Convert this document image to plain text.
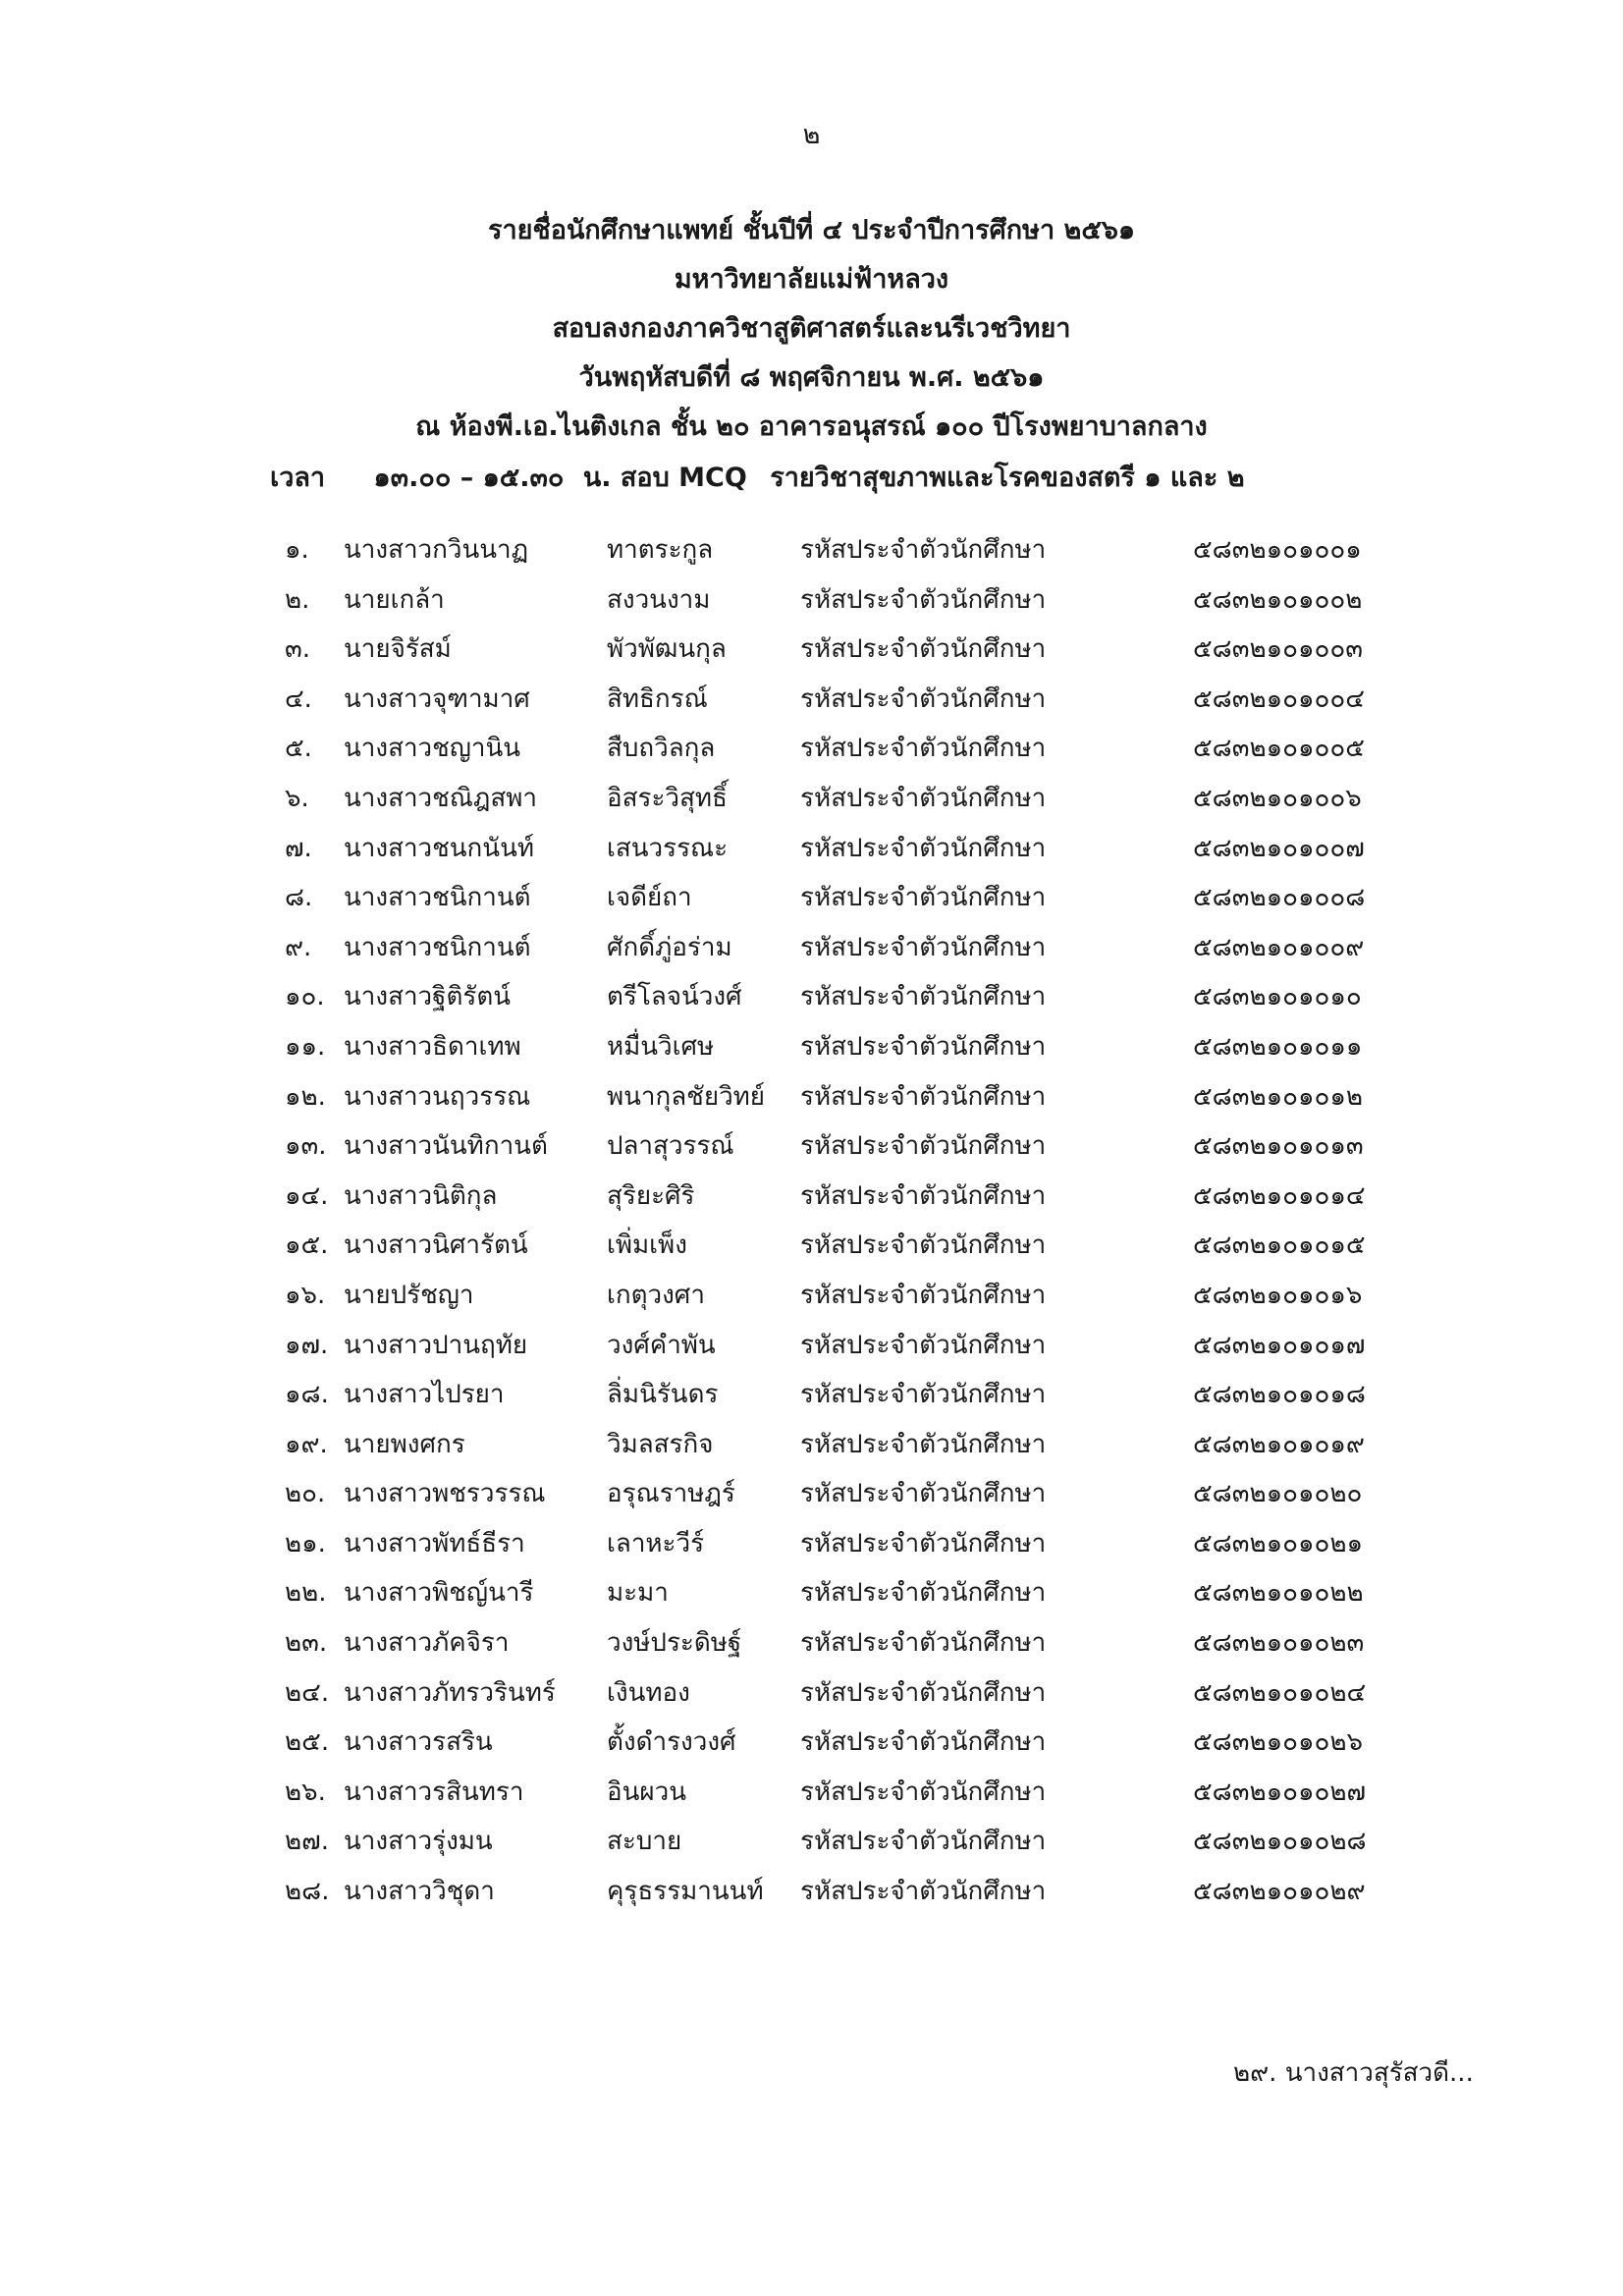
๒
รายชื่อนักศึกษาแพทย์ ชั้นปีที่ ๔ ประจำปีการศึกษา ๒๕๖๑
มหาวิทยาลัยแม่ฟ้าหลวง
สอบลงกองภาควิชาสูติศาสตร์และนรีเวชวิทยา
วันพฤหัสบดีที่ ๘ พฤศจิกายน พ.ศ. ๒๕๖๑
ณ ห้องพี.เอ.ไนติงเกล ชั้น ๒๐ อาคารอนุสรณ์ ๑๐๐ ปีโรงพยาบาลกลาง
เวลา ๑๓.๐๐ – ๑๕.๓๐ น. สอบ MCQ รายวิชาสุขภาพและโรคของสตรี ๑ และ ๒
๑. นางสาวกวินนาฏ	ทาตระกูล	รหัสประจำตัวนักศึกษา	๕๘๓๒๑๐๑๐๐๑
๒. นายเกล้า	สงวนงาม	รหัสประจำตัวนักศึกษา	๕๘๓๒๑๐๑๐๐๒
๓. นายจิรัสม์	พัวพัฒนกุล	รหัสประจำตัวนักศึกษา	๕๘๓๒๑๐๑๐๐๓
๔. นางสาวจุฑามาศ	สิทธิกรณ์	รหัสประจำตัวนักศึกษา	๕๘๓๒๑๐๑๐๐๔
๕. นางสาวชญานิน	สืบถวิลกุล	รหัสประจำตัวนักศึกษา	๕๘๓๒๑๐๑๐๐๕
๖. นางสาวชณิฎสพา	อิสระวิสุทธิ์	รหัสประจำตัวนักศึกษา	๕๘๓๒๑๐๑๐๐๖
๗. นางสาวชนกนันท์	เสนวรรณะ	รหัสประจำตัวนักศึกษา	๕๘๓๒๑๐๑๐๐๗
๘. นางสาวชนิกานต์	เจดีย์ถา	รหัสประจำตัวนักศึกษา	๕๘๓๒๑๐๑๐๐๘
๙. นางสาวชนิกานต์	ศักดิ์ภู่อร่าม	รหัสประจำตัวนักศึกษา	๕๘๓๒๑๐๑๐๐๙
๑๐. นางสาวฐิติรัตน์	ตรีโลจน์วงศ์ รหัสประจำตัวนักศึกษา	๕๘๓๒๑๐๑๐๑๐
๑๑. นางสาวธิดาเทพ	หมื่นวิเศษ	รหัสประจำตัวนักศึกษา	๕๘๓๒๑๐๑๐๑๑
๑๒. นางสาวนฤวรรณ	พนากุลชัยวิทย์ รหัสประจำตัวนักศึกษา	๕๘๓๒๑๐๑๐๑๒
๑๓. นางสาวนันทิกานต์ ปลาสุวรรณ์	รหัสประจำตัวนักศึกษา	๕๘๓๒๑๐๑๐๑๓
๑๔. นางสาวนิติกุล	สุริยะศิริ	รหัสประจำตัวนักศึกษา	๕๘๓๒๑๐๑๐๑๔
๑๕. นางสาวนิศารัตน์	เพิ่มเพ็ง	รหัสประจำตัวนักศึกษา	๕๘๓๒๑๐๑๐๑๕
๑๖. นายปรัชญา	เกตุวงศา	รหัสประจำตัวนักศึกษา	๕๘๓๒๑๐๑๐๑๖
๑๗. นางสาวปานฤทัย	วงศ์คำพัน	รหัสประจำตัวนักศึกษา	๕๘๓๒๑๐๑๐๑๗
๑๘. นางสาวไปรยา	ลิ่มนิรันดร	รหัสประจำตัวนักศึกษา	๕๘๓๒๑๐๑๐๑๘
๑๙. นายพงศกร	วิมลสรกิจ	รหัสประจำตัวนักศึกษา	๕๘๓๒๑๐๑๐๑๙
๒๐. นางสาวพชรวรรณ อรุณราษฎร์	รหัสประจำตัวนักศึกษา	๕๘๓๒๑๐๑๐๒๐
๒๑. นางสาวพัทธ์ธีรา	เลาหะวีร์	รหัสประจำตัวนักศึกษา	๕๘๓๒๑๐๑๐๒๑
๒๒. นางสาวพิชญ์นารี	มะมา	รหัสประจำตัวนักศึกษา	๕๘๓๒๑๐๑๐๒๒
๒๓. นางสาวภัคจิรา	วงษ์ประดิษฐ์ รหัสประจำตัวนักศึกษา	๕๘๓๒๑๐๑๐๒๓
๒๔. นางสาวภัทรวรินทร์ เงินทอง	รหัสประจำตัวนักศึกษา	๕๘๓๒๑๐๑๐๒๔
๒๕. นางสาวรสริน	ตั้งดำรงวงศ์	รหัสประจำตัวนักศึกษา	๕๘๓๒๑๐๑๐๒๖
๒๖. นางสาวรสินทรา	อินผวน	รหัสประจำตัวนักศึกษา	๕๘๓๒๑๐๑๐๒๗
๒๗. นางสาวรุ่งมน	สะบาย	รหัสประจำตัวนักศึกษา	๕๘๓๒๑๐๑๐๒๘
๒๘. นางสาววิชุดา	คุรุธรรมานนท์ รหัสประจำตัวนักศึกษา	๕๘๓๒๑๐๑๐๒๙
๒๙. นางสาวสุรัสวดี...
